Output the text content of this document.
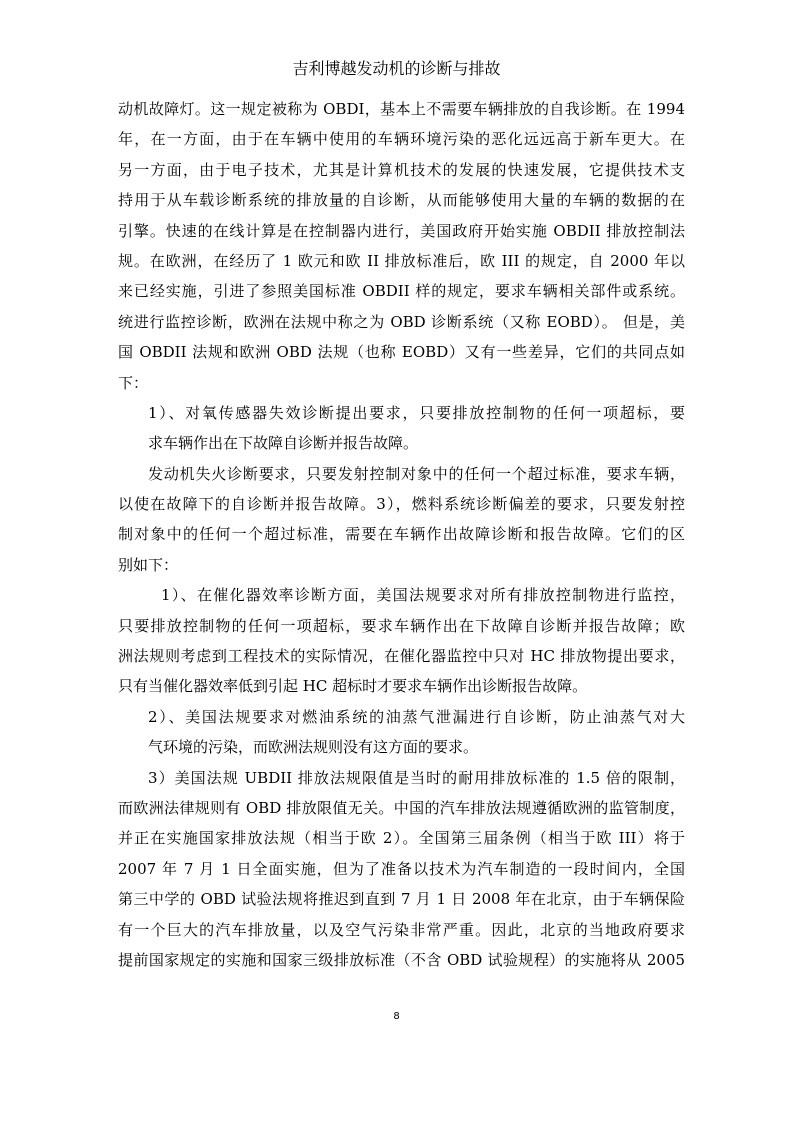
吉利博越发动机的诊断与排故
动机故障灯。这一规定被称为 OBDI，基本上不需要车辆排放的自我诊断。在 1994
年，在一方面，由于在车辆中使用的车辆环境污染的恶化远远高于新车更大。在
另一方面，由于电子技术，尤其是计算机技术的发展的快速发展，它提供技术支
持用于从车载诊断系统的排放量的自诊断，从而能够使用大量的车辆的数据的在
引擎。快速的在线计算是在控制器内进行，美国政府开始实施 OBDII 排放控制法
规。在欧洲，在经历了 1 欧元和欧 II 排放标准后，欧 III 的规定，自 2000 年以
来已经实施，引进了参照美国标准 OBDII 样的规定，要求车辆相关部件或系统。
统进行监控诊断，欧洲在法规中称之为 OBD 诊断系统（又称 EOBD）。 但是，美
国 OBDII 法规和欧洲 OBD 法规（也称 EOBD）又有一些差异，它们的共同点如
下：
1）、对氧传感器失效诊断提出要求，只要排放控制物的任何一项超标，要
求车辆作出在下故障自诊断并报告故障。
发动机失火诊断要求，只要发射控制对象中的任何一个超过标准，要求车辆，
以使在故障下的自诊断并报告故障。3），燃料系统诊断偏差的要求，只要发射控
制对象中的任何一个超过标准，需要在车辆作出故障诊断和报告故障。它们的区
别如下：
1）、在催化器效率诊断方面，美国法规要求对所有排放控制物进行监控，
只要排放控制物的任何一项超标，要求车辆作出在下故障自诊断并报告故障；欧
洲法规则考虑到工程技术的实际情况，在催化器监控中只对 HC 排放物提出要求，
只有当催化器效率低到引起 HC 超标时才要求车辆作出诊断报告故障。
2）、美国法规要求对燃油系统的油蒸气泄漏进行自诊断，防止油蒸气对大
气环境的污染，而欧洲法规则没有这方面的要求。
3）美国法规 UBDII 排放法规限值是当时的耐用排放标准的 1.5 倍的限制，
而欧洲法律规则有 OBD 排放限值无关。中国的汽车排放法规遵循欧洲的监管制度，
并正在实施国家排放法规（相当于欧 2）。全国第三届条例（相当于欧 III）将于
2007 年 7 月 1 日全面实施，但为了准备以技术为汽车制造的一段时间内，全国
第三中学的 OBD 试验法规将推迟到直到 7 月 1 日 2008 年在北京，由于车辆保险
有一个巨大的汽车排放量，以及空气污染非常严重。因此，北京的当地政府要求
提前国家规定的实施和国家三级排放标准（不含 OBD 试验规程）的实施将从 2005
8
